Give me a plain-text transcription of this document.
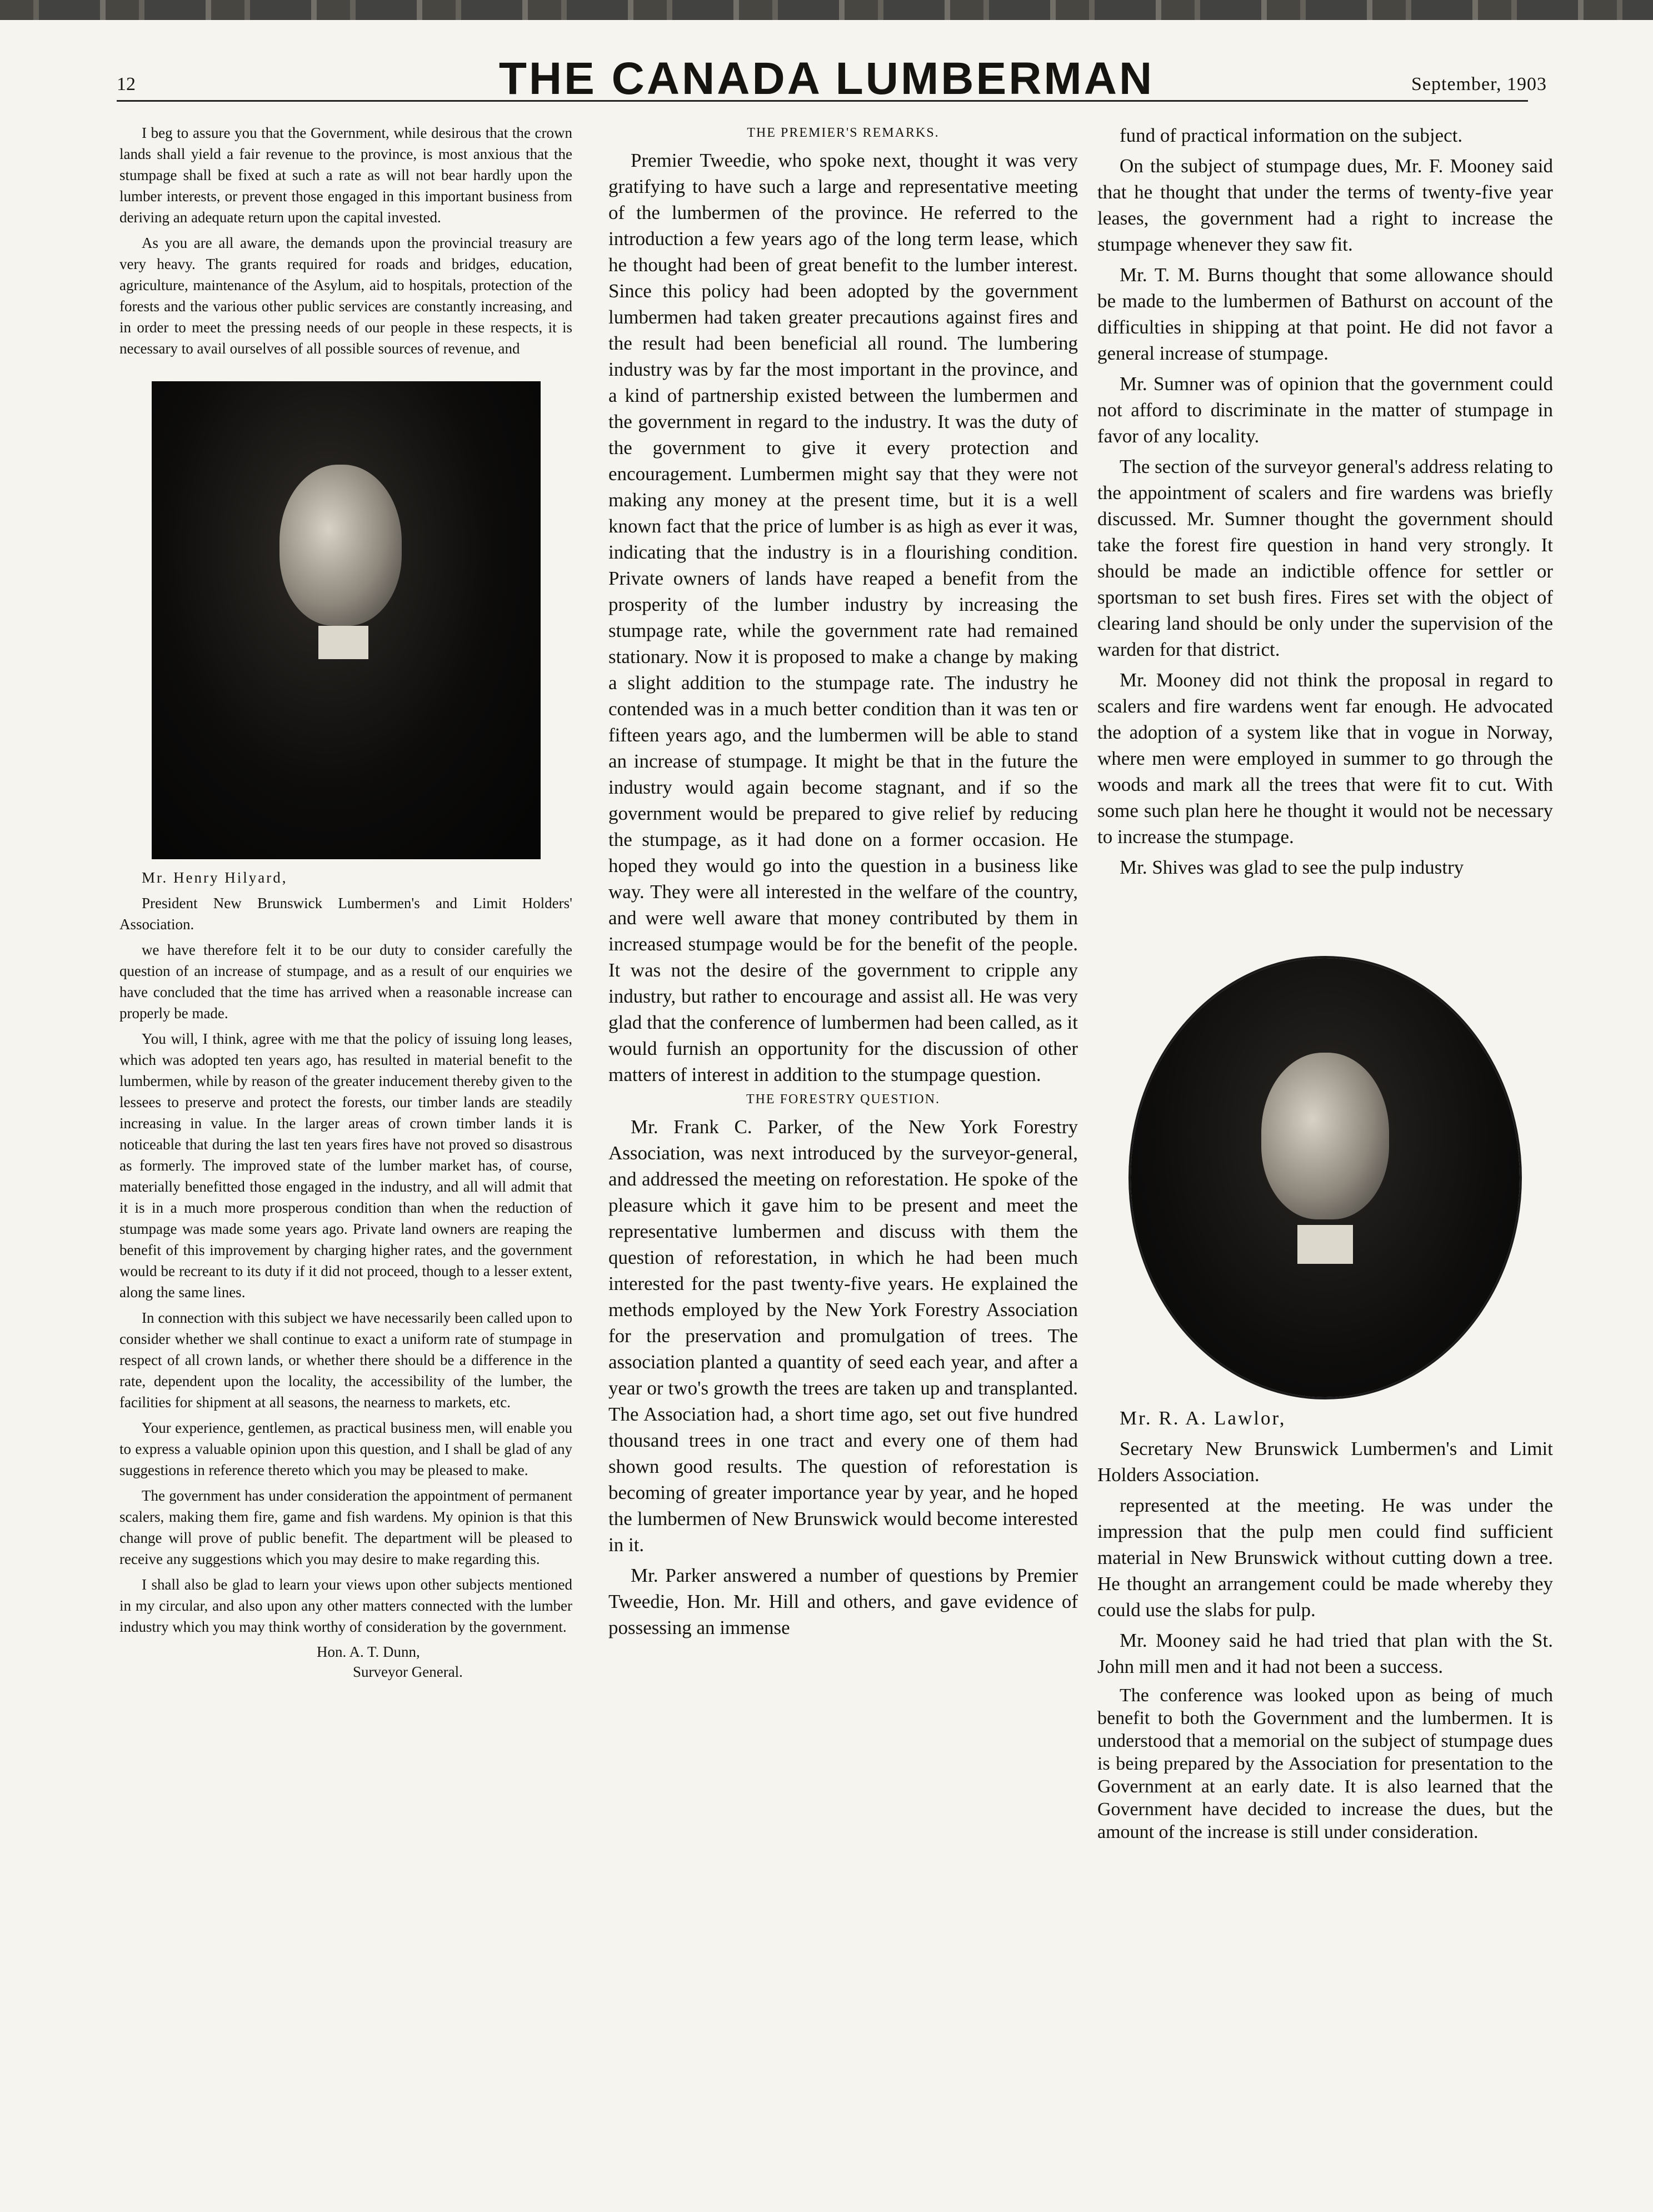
12	THE CANADA LUMBERMAN	September, 1903

I beg to assure you that the Government, while desirous that the crown lands shall yield a fair revenue to the province, is most anxious that the stumpage shall be fixed at such a rate as will not bear hardly upon the lumber interests, or prevent those engaged in this important business from deriving an adequate return upon the capital invested.

As you are all aware, the demands upon the provincial treasury are very heavy. The grants required for roads and bridges, education, agriculture, maintenance of the Asylum, aid to hospitals, protection of the forests and the various other public services are constantly increasing, and in order to meet the pressing needs of our people in these respects, it is necessary to avail ourselves of all possible sources of revenue, and

Mr. Henry Hilyard,

President New Brunswick Lumbermen's and Limit Holders' Association.

we have therefore felt it to be our duty to consider carefully the question of an increase of stumpage, and as a result of our enquiries we have concluded that the time has arrived when a reasonable increase can properly be made.

You will, I think, agree with me that the policy of issuing long leases, which was adopted ten years ago, has resulted in material benefit to the lumbermen, while by reason of the greater inducement thereby given to the lessees to preserve and protect the forests, our timber lands are steadily increasing in value. In the larger areas of crown timber lands it is noticeable that during the last ten years fires have not proved so disastrous as formerly. The improved state of the lumber market has, of course, materially benefitted those engaged in the industry, and all will admit that it is in a much more prosperous condition than when the reduction of stumpage was made some years ago. Private land owners are reaping the benefit of this improvement by charging higher rates, and the government would be recreant to its duty if it did not proceed, though to a lesser extent, along the same lines.

In connection with this subject we have necessarily been called upon to consider whether we shall continue to exact a uniform rate of stumpage in respect of all crown lands, or whether there should be a difference in the rate, dependent upon the locality, the accessibility of the lumber, the facilities for shipment at all seasons, the nearness to markets, etc.

Your experience, gentlemen, as practical business men, will enable you to express a valuable opinion upon this question, and I shall be glad of any suggestions in reference thereto which you may be pleased to make.

The government has under consideration the appointment of permanent scalers, making them fire, game and fish wardens. My opinion is that this change will prove of public benefit. The department will be pleased to receive any suggestions which you may desire to make regarding this.

I shall also be glad to learn your views upon other subjects mentioned in my circular, and also upon any other matters connected with the lumber industry which you may think worthy of consideration by the government.

Hon. A. T. Dunn,
Surveyor General.
THE PREMIER'S REMARKS.

Premier Tweedie, who spoke next, thought it was very gratifying to have such a large and representative meeting of the lumbermen of the province. He referred to the introduction a few years ago of the long term lease, which he thought had been of great benefit to the lumber interest. Since this policy had been adopted by the government lumbermen had taken greater precautions against fires and the result had been beneficial all round. The lumbering industry was by far the most important in the province, and a kind of partnership existed between the lumbermen and the government in regard to the industry. It was the duty of the government to give it every protection and encouragement. Lumbermen might say that they were not making any money at the present time, but it is a well known fact that the price of lumber is as high as ever it was, indicating that the industry is in a flourishing condition. Private owners of lands have reaped a benefit from the prosperity of the lumber industry by increasing the stumpage rate, while the government rate had remained stationary. Now it is proposed to make a change by making a slight addition to the stumpage rate. The industry he contended was in a much better condition than it was ten or fifteen years ago, and the lumbermen will be able to stand an increase of stumpage. It might be that in the future the industry would again become stagnant, and if so the government would be prepared to give relief by reducing the stumpage, as it had done on a former occasion. He hoped they would go into the question in a business like way. They were all interested in the welfare of the country, and were well aware that money contributed by them in increased stumpage would be for the benefit of the people. It was not the desire of the government to cripple any industry, but rather to encourage and assist all. He was very glad that the conference of lumbermen had been called, as it would furnish an opportunity for the discussion of other matters of interest in addition to the stumpage question.

THE FORESTRY QUESTION.

Mr. Frank C. Parker, of the New York Forestry Association, was next introduced by the surveyor-general, and addressed the meeting on reforestation. He spoke of the pleasure which it gave him to be present and meet the representative lumbermen and discuss with them the question of reforestation, in which he had been much interested for the past twenty-five years. He explained the methods employed by the New York Forestry Association for the preservation and promulgation of trees. The association planted a quantity of seed each year, and after a year or two's growth the trees are taken up and transplanted. The Association had, a short time ago, set out five hundred thousand trees in one tract and every one of them had shown good results. The question of reforestation is becoming of greater importance year by year, and he hoped the lumbermen of New Brunswick would become interested in it.

Mr. Parker answered a number of questions by Premier Tweedie, Hon. Mr. Hill and others, and gave evidence of possessing an immense

fund of practical information on the subject.

On the subject of stumpage dues, Mr. F. Mooney said that he thought that under the terms of twenty-five year leases, the government had a right to increase the stumpage whenever they saw fit.

Mr. T. M. Burns thought that some allowance should be made to the lumbermen of Bathurst on account of the difficulties in shipping at that point. He did not favor a general increase of stumpage.

Mr. Sumner was of opinion that the government could not afford to discriminate in the matter of stumpage in favor of any locality.

The section of the surveyor general's address relating to the appointment of scalers and fire wardens was briefly discussed. Mr. Sumner thought the government should take the forest fire question in hand very strongly. It should be made an indictible offence for settler or sportsman to set bush fires. Fires set with the object of clearing land should be only under the supervision of the warden for that district.

Mr. Mooney did not think the proposal in regard to scalers and fire wardens went far enough. He advocated the adoption of a system like that in vogue in Norway, where men were employed in summer to go through the woods and mark all the trees that were fit to cut. With some such plan here he thought it would not be necessary to increase the stumpage.

Mr. Shives was glad to see the pulp industry

Mr. R. A. Lawlor,

Secretary New Brunswick Lumbermen's and Limit Holders Association.

represented at the meeting. He was under the impression that the pulp men could find sufficient material in New Brunswick without cutting down a tree. He thought an arrangement could be made whereby they could use the slabs for pulp.

Mr. Mooney said he had tried that plan with the St. John mill men and it had not been a success.

The conference was looked upon as being of much benefit to both the Government and the lumbermen. It is understood that a memorial on the subject of stumpage dues is being prepared by the Association for presentation to the Government at an early date. It is also learned that the Government have decided to increase the dues, but the amount of the increase is still under consideration.
